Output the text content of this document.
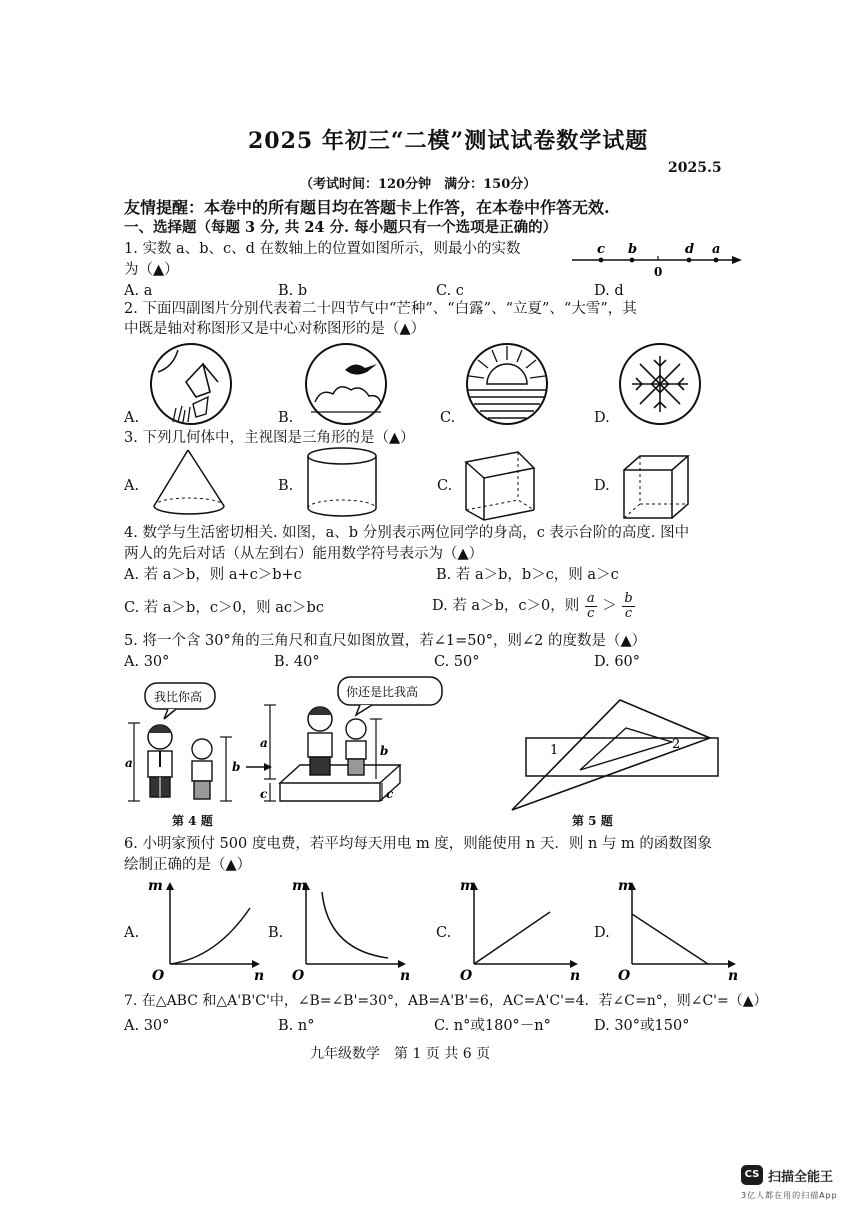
2025 年初三“二模”测试试卷数学试题
2025.5
（考试时间：120分钟　满分：150分）
友情提醒：本卷中的所有题目均在答题卡上作答，在本卷中作答无效.
一、选择题（每题 3 分, 共 24 分. 每小题只有一个选项是正确的）
1. 实数 a、b、c、d 在数轴上的位置如图所示，则最小的实数
为（▲）
c b	d a
0
A. a	B. b	C. c	D. d
2. 下面四副图片分别代表着二十四节气中“芒种”、“白露”、“立夏”、“大雪”，其
中既是轴对称图形又是中心对称图形的是（▲）
A.	B.	C.	D.
3. 下列几何体中，主视图是三角形的是（▲）
A.	B.	C.	D.
4. 数学与生活密切相关. 如图，a、b 分别表示两位同学的身高，c 表示台阶的高度. 图中
两人的先后对话（从左到右）能用数学符号表示为（▲）
A. 若 a＞b，则 a+c＞b+c	B. 若 a＞b，b＞c，则 a＞c
C. 若 a＞b，c＞0，则 ac＞bc	D. 若 a＞b，c＞0，则 $\frac{a}{c} > \frac{b}{c}$
5. 将一个含 30°角的三角尺和直尺如图放置，若∠1=50°，则∠2 的度数是（▲）
A. 30°	B. 40°	C. 50°	D. 60°
我比你高
a	b
a
c
你还是比我高
b
c
第 4 题
1	2
第 5 题
6. 小明家预付 500 度电费，若平均每天用电 m 度，则能使用 n 天．则 n 与 m 的函数图象
绘制正确的是（▲）
A.
m
n
O
B.
m
n
O
C.
m
n
O
D.
m
n
O
7. 在△ABC 和△A'B'C'中，∠B=∠B'=30°，AB=A'B'=6，AC=A'C'=4．若∠C=n°，则∠C'=（▲）
A. 30°	B. n°	C. n°或180°－n°	D. 30°或150°
九年级数学　第 1 页 共 6 页
CS 扫描全能王
3亿人都在用的扫描App
